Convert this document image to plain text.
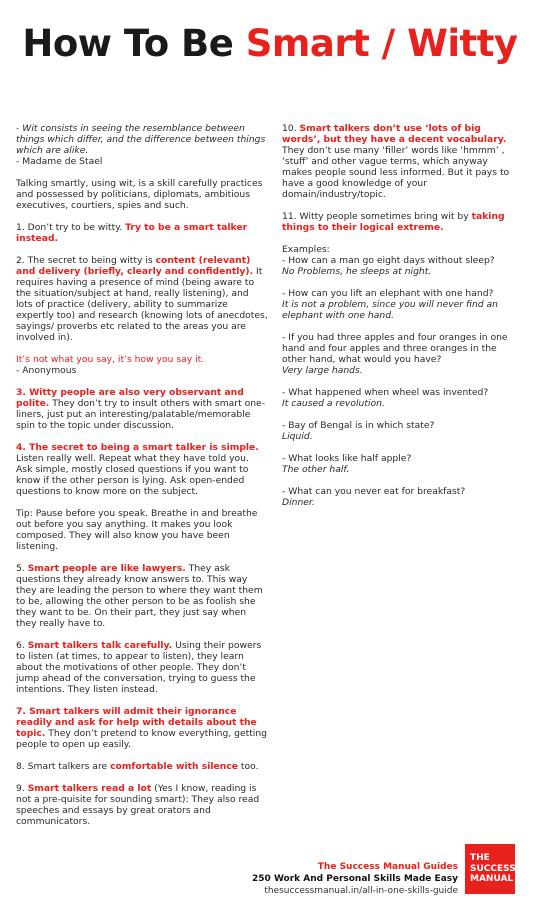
How To Be Smart / Witty

- Wit consists in seeing the resemblance between things which differ, and the difference between things which are alike.
- Madame de Stael

Talking smartly, using wit, is a skill carefully practices and possessed by politicians, diplomats, ambitious executives, courtiers, spies and such.

1. Don’t try to be witty. Try to be a smart talker instead.

2. The secret to being witty is content (relevant) and delivery (briefly, clearly and confidently). It requires having a presence of mind (being aware to the situation/subject at hand, really listening), and lots of practice (delivery, ability to summarize expertly too) and research (knowing lots of anecdotes, sayings/ proverbs etc related to the areas you are involved in).

It’s not what you say, it’s how you say it.
- Anonymous

3. Witty people are also very observant and polite. They don’t try to insult others with smart one-liners, just put an interesting/palatable/memorable spin to the topic under discussion.

4. The secret to being a smart talker is simple. Listen really well. Repeat what they have told you. Ask simple, mostly closed questions if you want to know if the other person is lying. Ask open-ended questions to know more on the subject.

Tip: Pause before you speak. Breathe in and breathe out before you say anything. It makes you look composed. They will also know you have been listening.

5. Smart people are like lawyers. They ask questions they already know answers to. This way they are leading the person to where they want them to be, allowing the other person to be as foolish she they want to be. On their part, they just say when they really have to.

6. Smart talkers talk carefully. Using their powers to listen (at times, to appear to listen), they learn about the motivations of other people. They don’t jump ahead of the conversation, trying to guess the intentions. They listen instead.

7. Smart talkers will admit their ignorance readily and ask for help with details about the topic. They don’t pretend to know everything, getting people to open up easily.

8. Smart talkers are comfortable with silence too.

9. Smart talkers read a lot (Yes I know, reading is not a pre-quisite for sounding smart): They also read speeches and essays by great orators and communicators.

10. Smart talkers don’t use ‘lots of big words’, but they have a decent vocabulary. They don’t use many ‘filler’ words like ‘hmmm’ , ‘stuff’ and other vague terms, which anyway makes people sound less informed. But it pays to have a good knowledge of your domain/industry/topic.

11. Witty people sometimes bring wit by taking things to their logical extreme.

Examples:
- How can a man go eight days without sleep?
No Problems, he sleeps at night.
- How can you lift an elephant with one hand?
It is not a problem, since you will never find an elephant with one hand.
- If you had three apples and four oranges in one hand and four apples and three oranges in the other hand, what would you have?
Very large hands.
- What happened when wheel was invented?
It caused a revolution.
- Bay of Bengal is in which state?
Liquid.
- What looks like half apple?
The other half.
- What can you never eat for breakfast?
Dinner.
The Success Manual Guides
250 Work And Personal Skills Made Easy
thesuccessmanual.in/all-in-one-skills-guide
THE
SUCCESS
MANUAL
